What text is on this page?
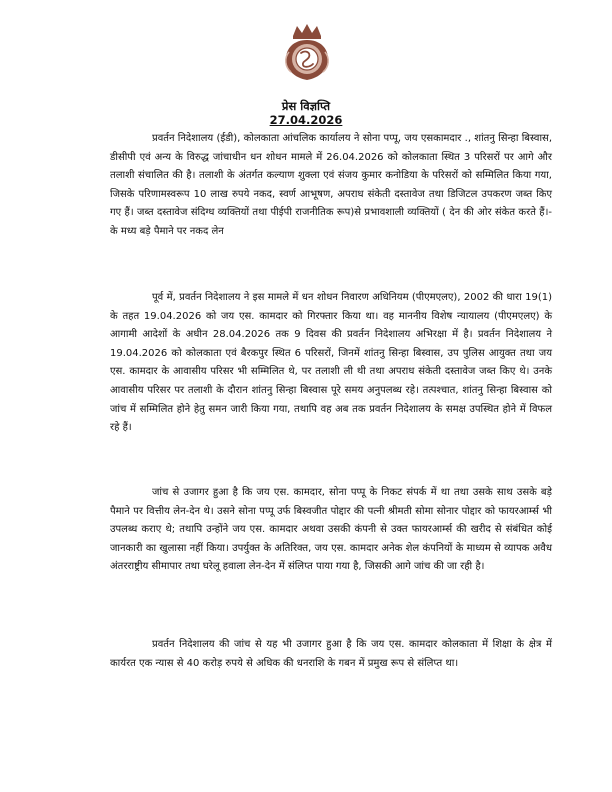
प्रेस विज्ञप्ति
27.04.2026

प्रवर्तन निदेशालय (ईडी), कोलकाता आंचलिक कार्यालय ने सोना पप्पू, जय एसकामदार ., शांतनु सिन्हा बिस्वास, डीसीपी एवं अन्य के विरुद्ध जांचाधीन धन शोधन मामले में 26.04.2026 को कोलकाता स्थित 3 परिसरों पर आगे और तलाशी संचालित की है। तलाशी के अंतर्गत कल्याण शुक्ला एवं संजय कुमार कनोडिया के परिसरों को सम्मिलित किया गया, जिसके परिणामस्वरूप 10 लाख रुपये नकद, स्वर्ण आभूषण, अपराध संकेती दस्तावेज तथा डिजिटल उपकरण जब्त किए गए हैं। जब्त दस्तावेज संदिग्ध व्यक्तियों तथा पीईपी राजनीतिक रूप)से प्रभावशाली व्यक्तियों ( देन की ओर संकेत करते हैं।-के मध्य बड़े पैमाने पर नकद लेन

पूर्व में, प्रवर्तन निदेशालय ने इस मामले में धन शोधन निवारण अधिनियम (पीएमएलए), 2002 की धारा 19(1) के तहत 19.04.2026 को जय एस. कामदार को गिरफ्तार किया था। वह माननीय विशेष न्यायालय (पीएमएलए) के आगामी आदेशों के अधीन 28.04.2026 तक 9 दिवस की प्रवर्तन निदेशालय अभिरक्षा में है। प्रवर्तन निदेशालय ने 19.04.2026 को कोलकाता एवं बैरकपुर स्थित 6 परिसरों, जिनमें शांतनु सिन्हा बिस्वास, उप पुलिस आयुक्त तथा जय एस. कामदार के आवासीय परिसर भी सम्मिलित थे, पर तलाशी ली थी तथा अपराध संकेती दस्तावेज जब्त किए थे। उनके आवासीय परिसर पर तलाशी के दौरान शांतनु सिन्हा बिस्वास पूरे समय अनुपलब्ध रहे। तत्पश्चात, शांतनु सिन्हा बिस्वास को जांच में सम्मिलित होने हेतु समन जारी किया गया, तथापि वह अब तक प्रवर्तन निदेशालय के समक्ष उपस्थित होने में विफल रहे हैं।

जांच से उजागर हुआ है कि जय एस. कामदार, सोना पप्पू के निकट संपर्क में था तथा उसके साथ उसके बड़े पैमाने पर वित्तीय लेन-देन थे। उसने सोना पप्पू उर्फ बिस्वजीत पोद्दार की पत्नी श्रीमती सोमा सोनार पोद्दार को फायरआर्म्स भी उपलब्ध कराए थे; तथापि उन्होंने जय एस. कामदार अथवा उसकी कंपनी से उक्त फायरआर्म्स की खरीद से संबंधित कोई जानकारी का खुलासा नहीं किया। उपर्युक्त के अतिरिक्त, जय एस. कामदार अनेक शेल कंपनियों के माध्यम से व्यापक अवैध अंतरराष्ट्रीय सीमापार तथा घरेलू हवाला लेन-देन में संलिप्त पाया गया है, जिसकी आगे जांच की जा रही है।

प्रवर्तन निदेशालय की जांच से यह भी उजागर हुआ है कि जय एस. कामदार कोलकाता में शिक्षा के क्षेत्र में कार्यरत एक न्यास से 40 करोड़ रुपये से अधिक की धनराशि के गबन में प्रमुख रूप से संलिप्त था।
